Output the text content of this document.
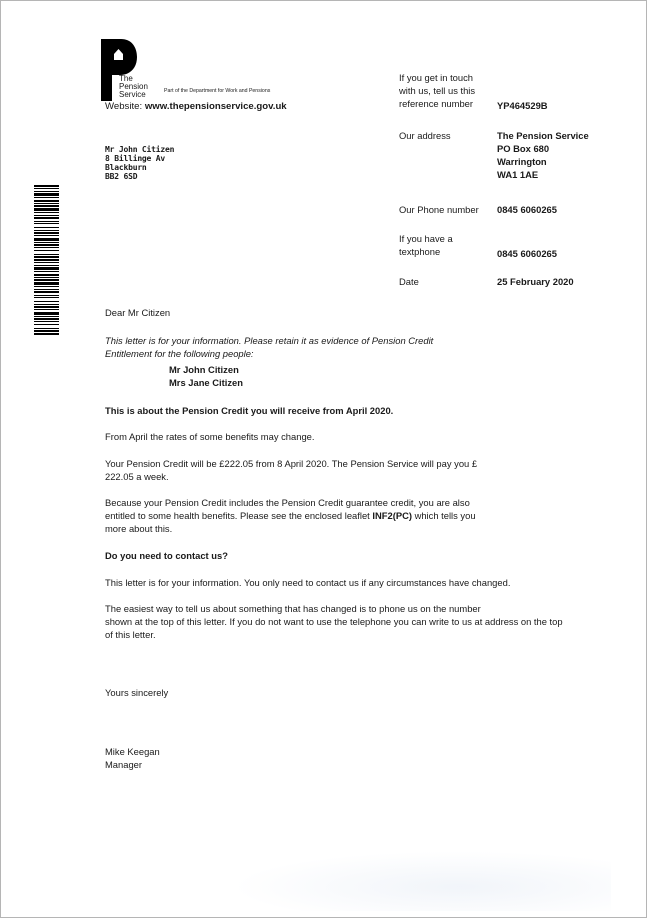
The
Pension
Service	Part of the Department for Work and Pensions
Website: www.thepensionservice.gov.uk
Mr John Citizen
8 Billinge Av
Blackburn
BB2 6SD
If you get in touch
with us, tell us this
reference number	YP464529B
Our address	The Pension Service
PO Box 680
Warrington
WA1 1AE
Our Phone number 0845 6060265
If you have a
textphone	0845 6060265
Date	25 February 2020
Dear Mr Citizen
This letter is for your information. Please retain it as evidence of Pension Credit
Entitlement for the following people:
Mr John Citizen
Mrs Jane Citizen
This is about the Pension Credit you will receive from April 2020.
From April the rates of some benefits may change.
Your Pension Credit will be £222.05 from 8 April 2020. The Pension Service will pay you £
222.05 a week.
Because your Pension Credit includes the Pension Credit guarantee credit, you are also
entitled to some health benefits. Please see the enclosed leaflet INF2(PC) which tells you
more about this.
Do you need to contact us?
This letter is for your information. You only need to contact us if any circumstances have changed.
The easiest way to tell us about something that has changed is to phone us on the number
shown at the top of this letter. If you do not want to use the telephone you can write to us at address on the top
of this letter.
Yours sincerely
Mike Keegan
Manager
